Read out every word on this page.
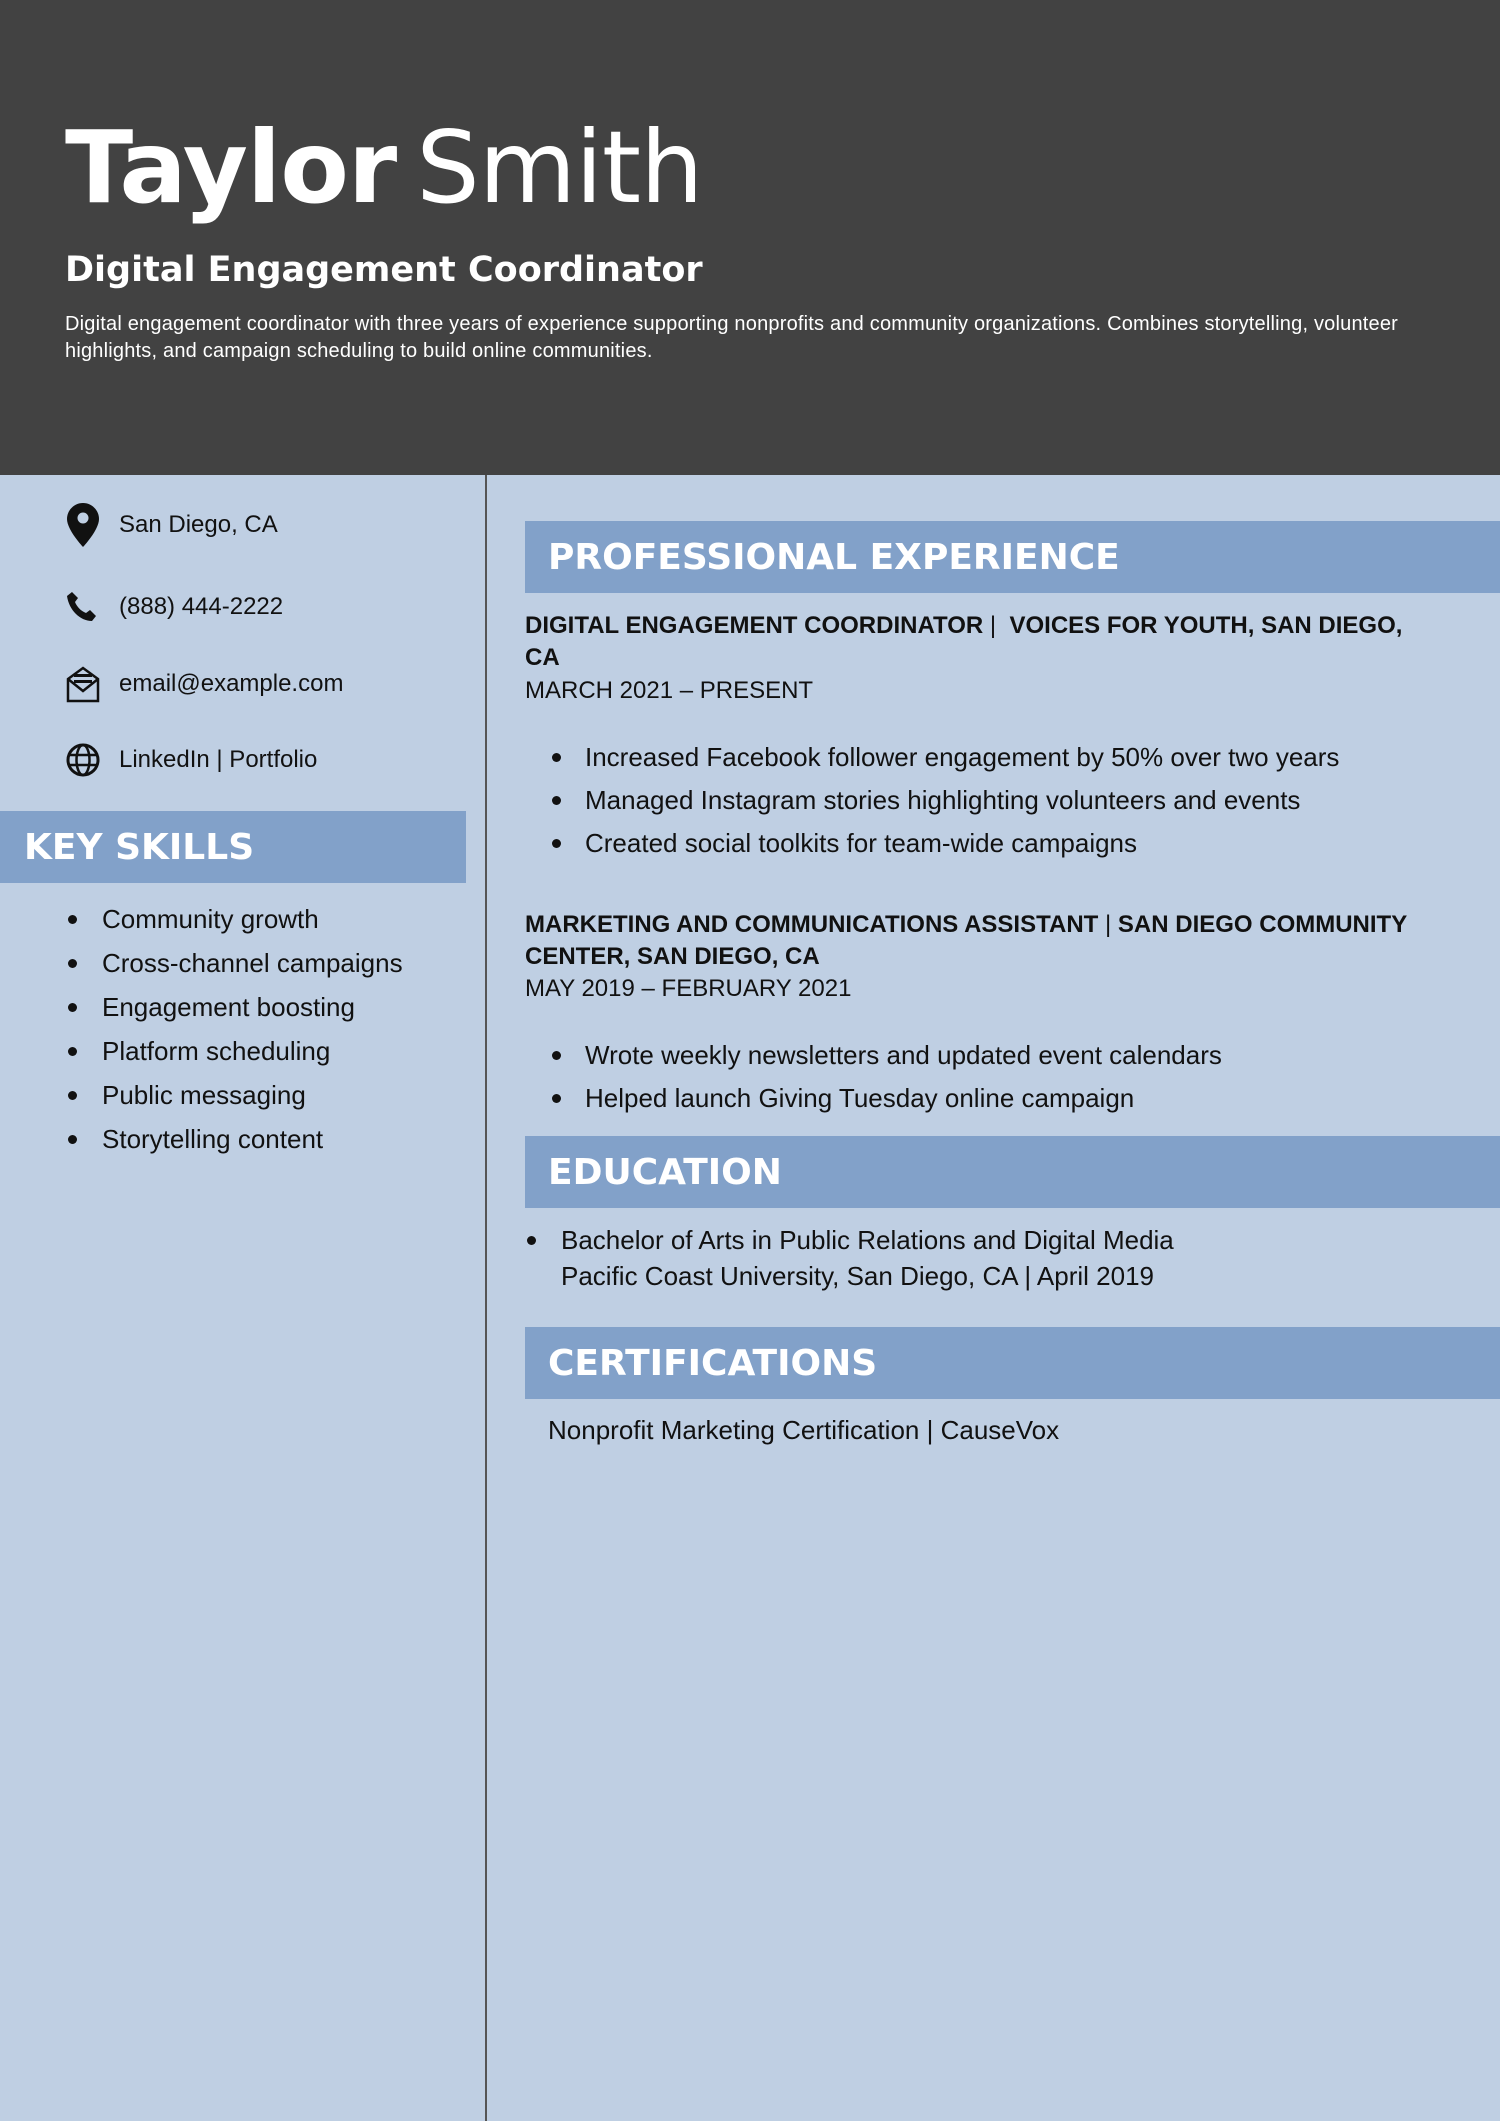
Taylor Smith
Digital Engagement Coordinator
Digital engagement coordinator with three years of experience supporting nonprofits and community organizations. Combines storytelling, volunteer highlights, and campaign scheduling to build online communities.
San Diego, CA
(888) 444-2222
email@example.com
LinkedIn | Portfolio
KEY SKILLS
Community growth
Cross-channel campaigns
Engagement boosting
Platform scheduling
Public messaging
Storytelling content
PROFESSIONAL EXPERIENCE
DIGITAL ENGAGEMENT COORDINATOR | VOICES FOR YOUTH, SAN DIEGO, CA
MARCH 2021 – PRESENT
Increased Facebook follower engagement by 50% over two years
Managed Instagram stories highlighting volunteers and events
Created social toolkits for team-wide campaigns
MARKETING AND COMMUNICATIONS ASSISTANT | SAN DIEGO COMMUNITY CENTER, SAN DIEGO, CA
MAY 2019 – FEBRUARY 2021
Wrote weekly newsletters and updated event calendars
Helped launch Giving Tuesday online campaign
EDUCATION
Bachelor of Arts in Public Relations and Digital Media
Pacific Coast University, San Diego, CA | April 2019
CERTIFICATIONS
Nonprofit Marketing Certification | CauseVox
